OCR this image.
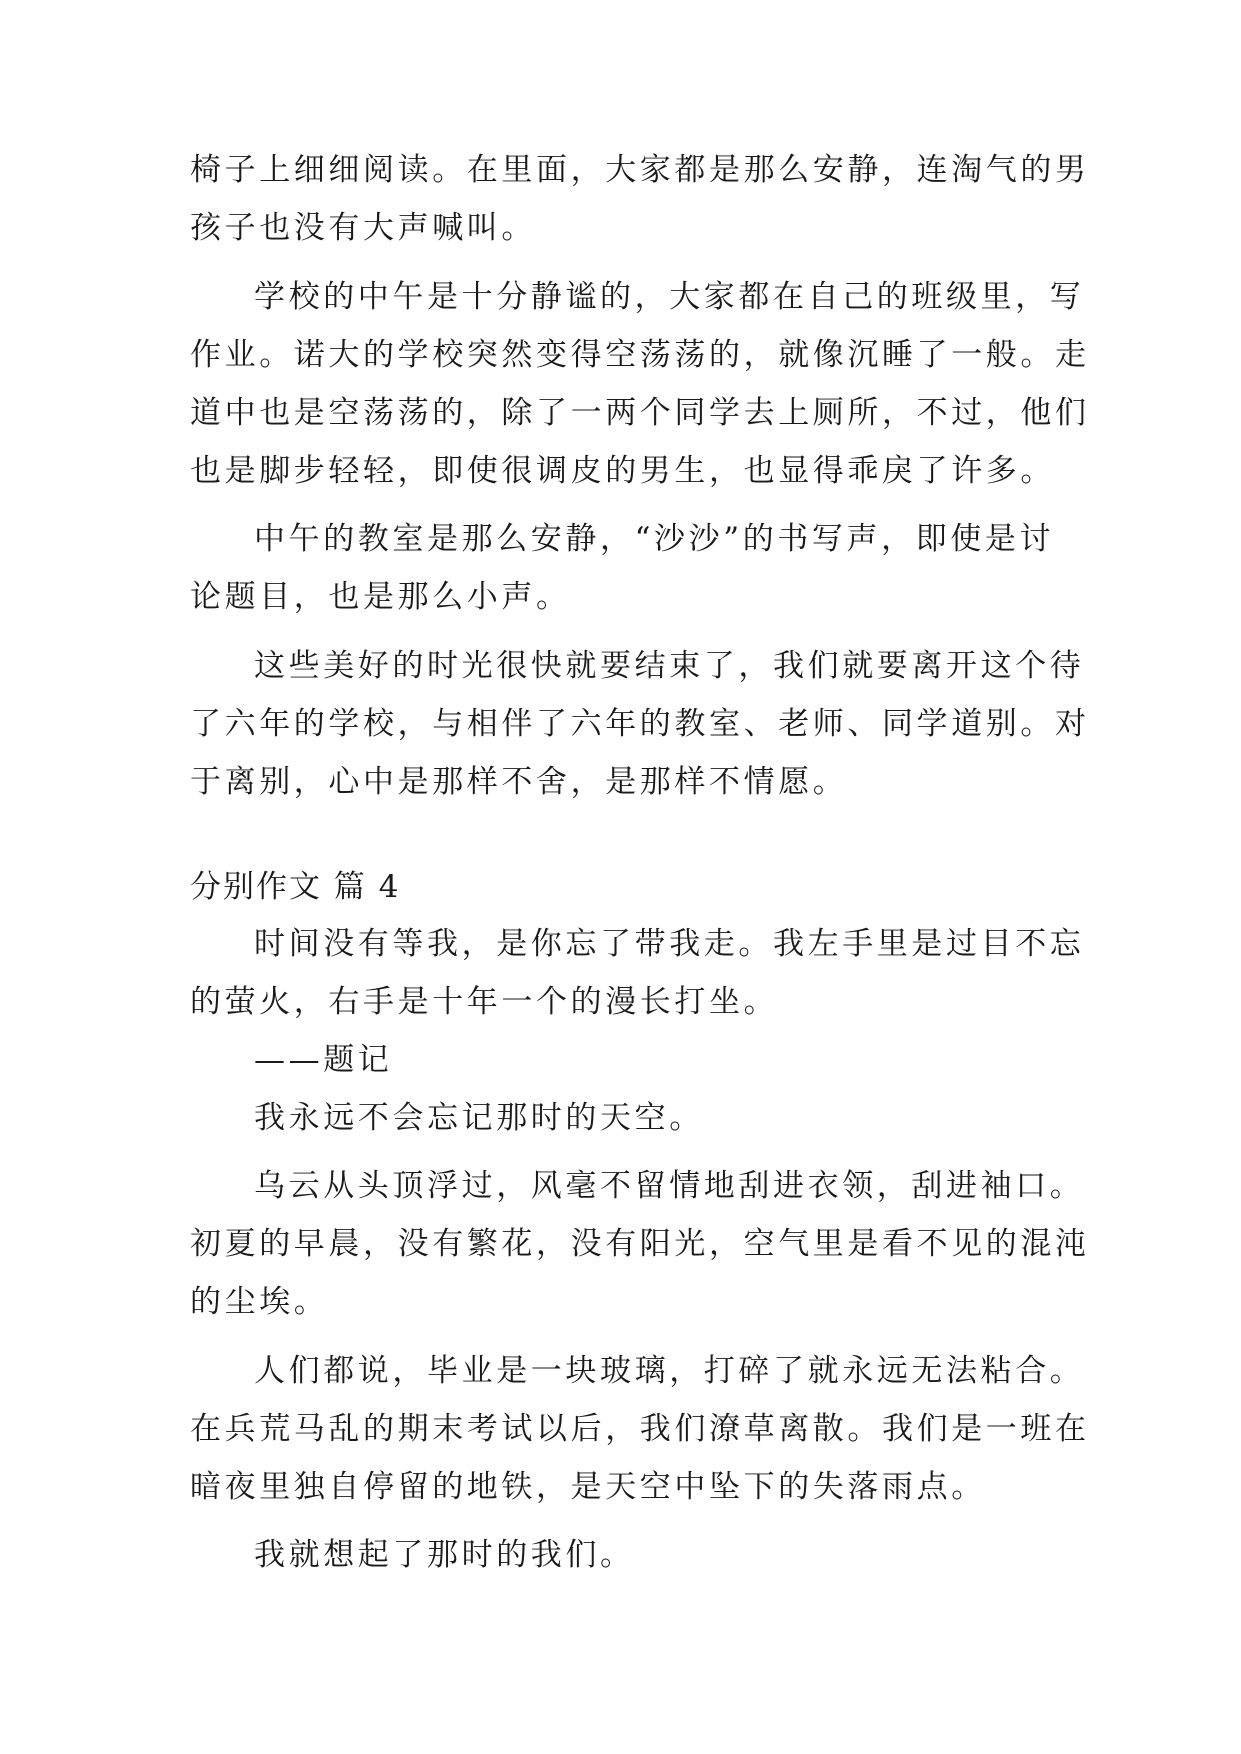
椅子上细细阅读。在里面，大家都是那么安静，连淘气的男
孩子也没有大声喊叫。
学校的中午是十分静谧的，大家都在自己的班级里，写
作业。诺大的学校突然变得空荡荡的，就像沉睡了一般。走
道中也是空荡荡的，除了一两个同学去上厕所，不过，他们
也是脚步轻轻，即使很调皮的男生，也显得乖戾了许多。
中午的教室是那么安静，“沙沙”的书写声，即使是讨
论题目，也是那么小声。
这些美好的时光很快就要结束了，我们就要离开这个待
了六年的学校，与相伴了六年的教室、老师、同学道别。对
于离别，心中是那样不舍，是那样不情愿。
分别作文 篇 4
时间没有等我，是你忘了带我走。我左手里是过目不忘
的萤火，右手是十年一个的漫长打坐。
——题记
我永远不会忘记那时的天空。
乌云从头顶浮过，风毫不留情地刮进衣领，刮进袖口。
初夏的早晨，没有繁花，没有阳光，空气里是看不见的混沌
的尘埃。
人们都说，毕业是一块玻璃，打碎了就永远无法粘合。
在兵荒马乱的期末考试以后，我们潦草离散。我们是一班在
暗夜里独自停留的地铁，是天空中坠下的失落雨点。
我就想起了那时的我们。
